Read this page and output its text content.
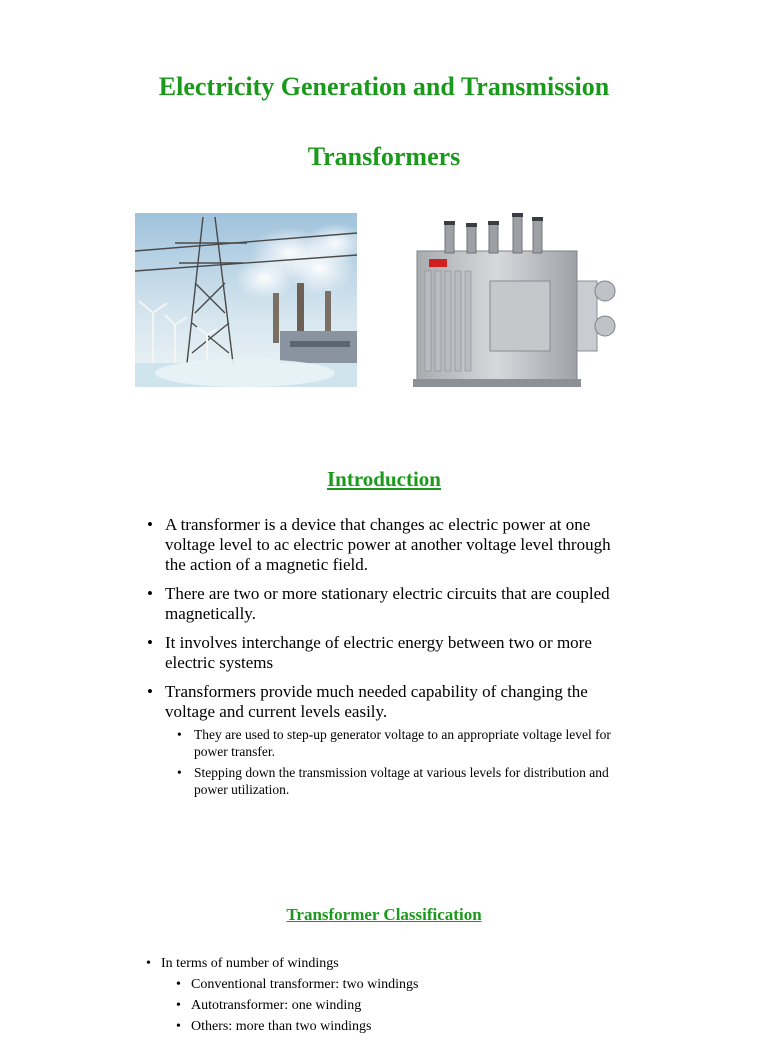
Electricity Generation and Transmission
Transformers
Introduction
• A transformer is a device that changes ac electric power at one voltage level to ac electric power at another voltage level through the action of a magnetic field.
• There are two or more stationary electric circuits that are coupled magnetically.
• It involves interchange of electric energy between two or more electric systems
• Transformers provide much needed capability of changing the voltage and current levels easily.
• They are used to step-up generator voltage to an appropriate voltage level for power transfer.
• Stepping down the transmission voltage at various levels for distribution and power utilization.
Transformer Classification
• In terms of number of windings
• Conventional transformer: two windings
• Autotransformer: one winding
• Others: more than two windings
